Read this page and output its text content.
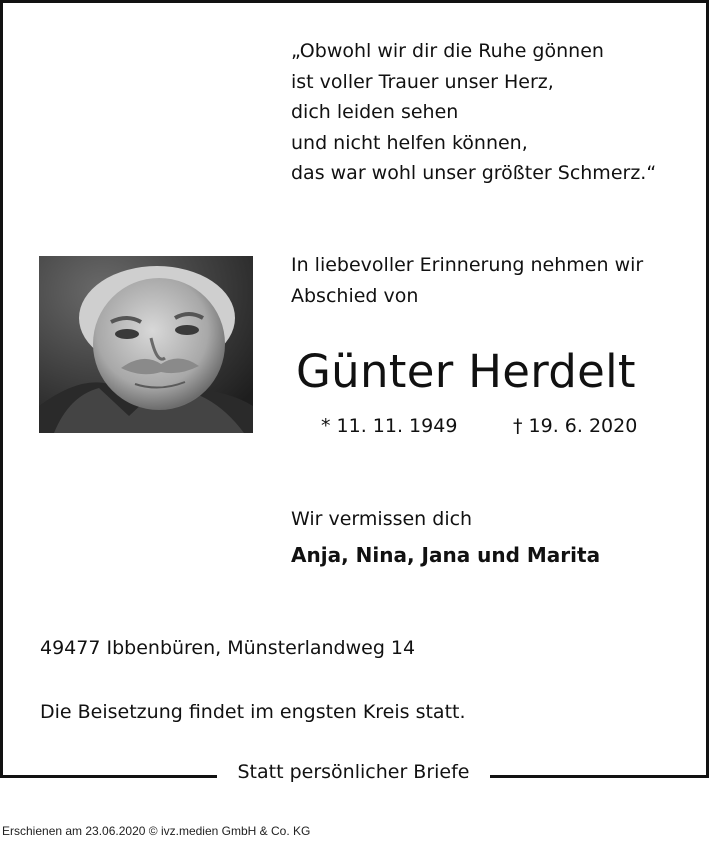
„Obwohl wir dir die Ruhe gönnen
ist voller Trauer unser Herz,
dich leiden sehen
und nicht helfen können,
das war wohl unser größter Schmerz.“
In liebevoller Erinnerung nehmen wir
Abschied von
Günter Herdelt
* 11. 11. 1949	† 19. 6. 2020
Wir vermissen dich
Anja, Nina, Jana und Marita
49477 Ibbenbüren, Münsterlandweg 14
Die Beisetzung findet im engsten Kreis statt.
Statt persönlicher Briefe
Erschienen am 23.06.2020 © ivz.medien GmbH & Co. KG
